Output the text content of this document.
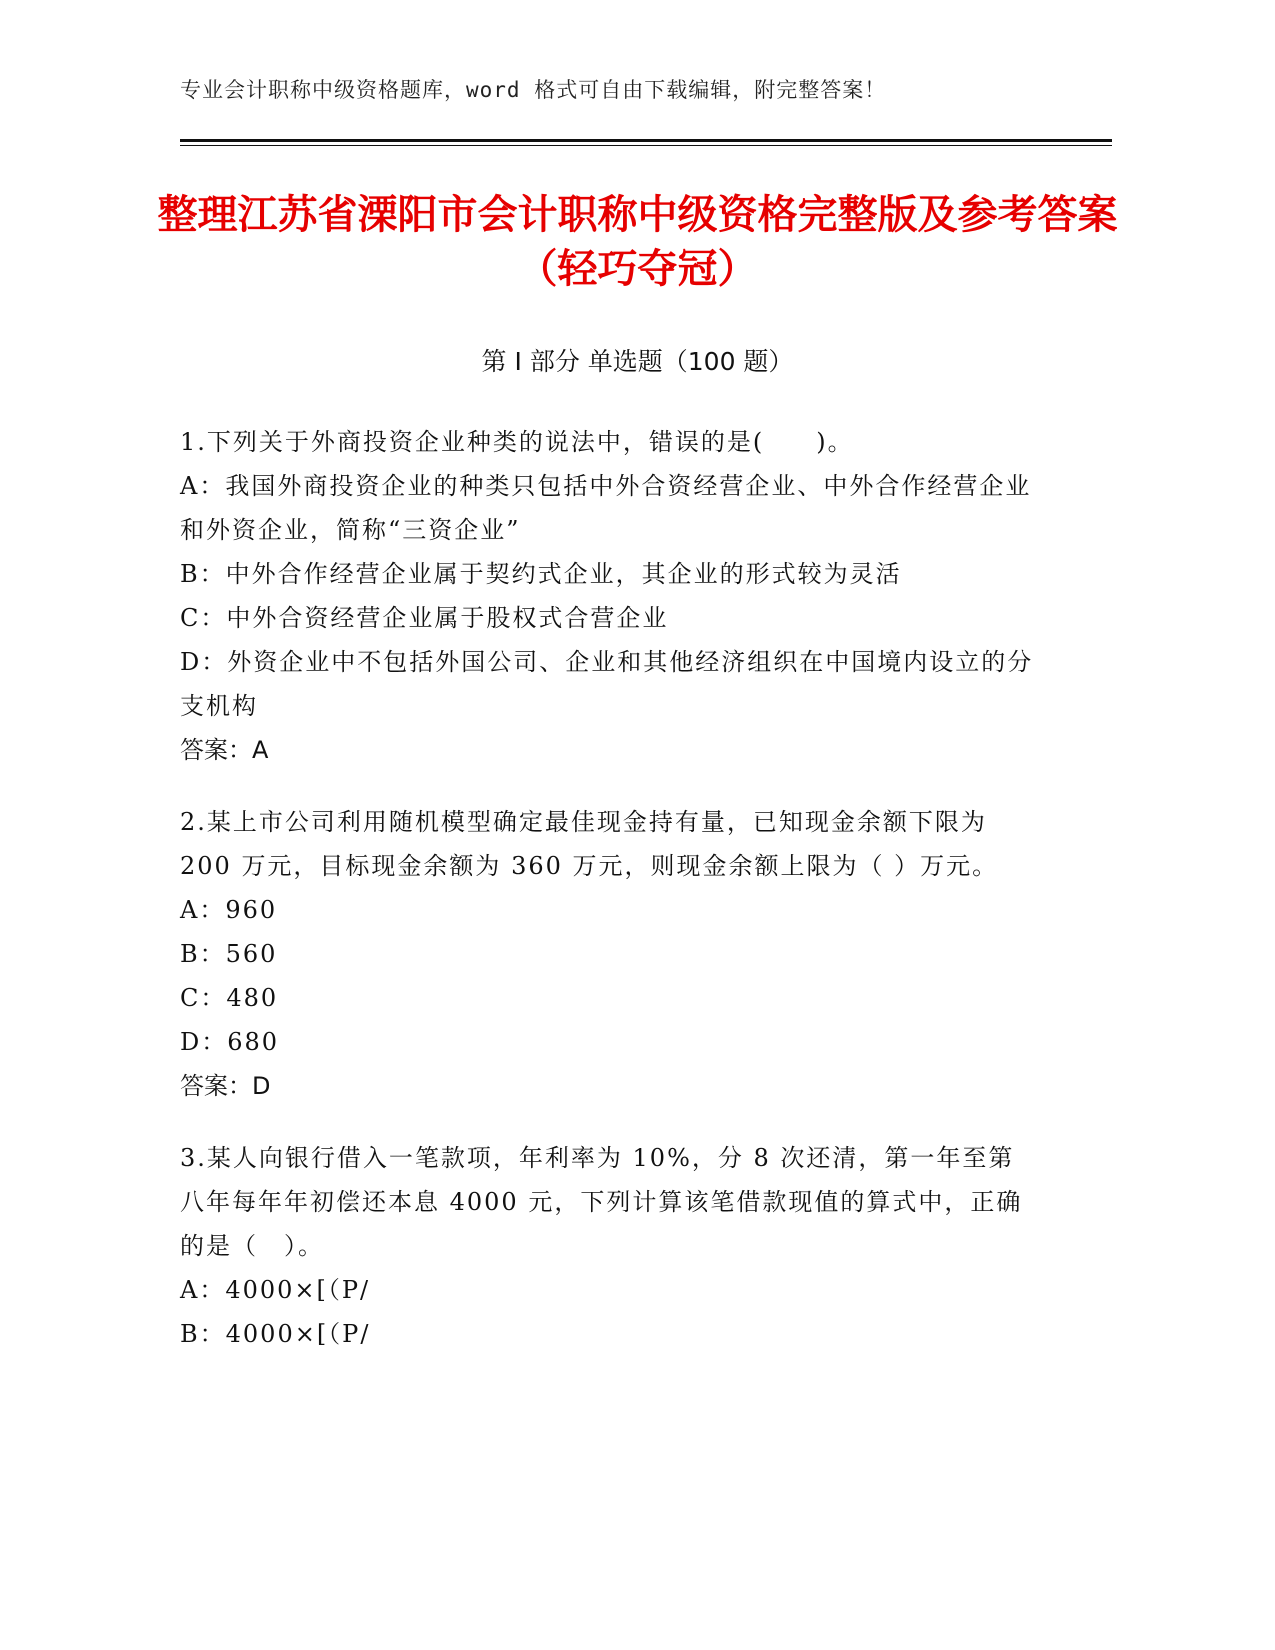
专业会计职称中级资格题库，word 格式可自由下载编辑，附完整答案！
整理江苏省溧阳市会计职称中级资格完整版及参考答案（轻巧夺冠）
第 I 部分 单选题（100 题）

1.下列关于外商投资企业种类的说法中，错误的是(　　)。

A：我国外商投资企业的种类只包括中外合资经营企业、中外合作经营企业和外资企业，简称“三资企业”

B：中外合作经营企业属于契约式企业，其企业的形式较为灵活

C：中外合资经营企业属于股权式合营企业

D：外资企业中不包括外国公司、企业和其他经济组织在中国境内设立的分支机构

答案：A

2.某上市公司利用随机模型确定最佳现金持有量，已知现金余额下限为 200 万元，目标现金余额为 360 万元，则现金余额上限为（ ）万元。

A：960

B：560

C：480

D：680

答案：D

3.某人向银行借入一笔款项，年利率为 10%，分 8 次还清，第一年至第八年每年年初偿还本息 4000 元，下列计算该笔借款现值的算式中，正确的是（　）。

A：4000×[（P/

B：4000×[（P/
